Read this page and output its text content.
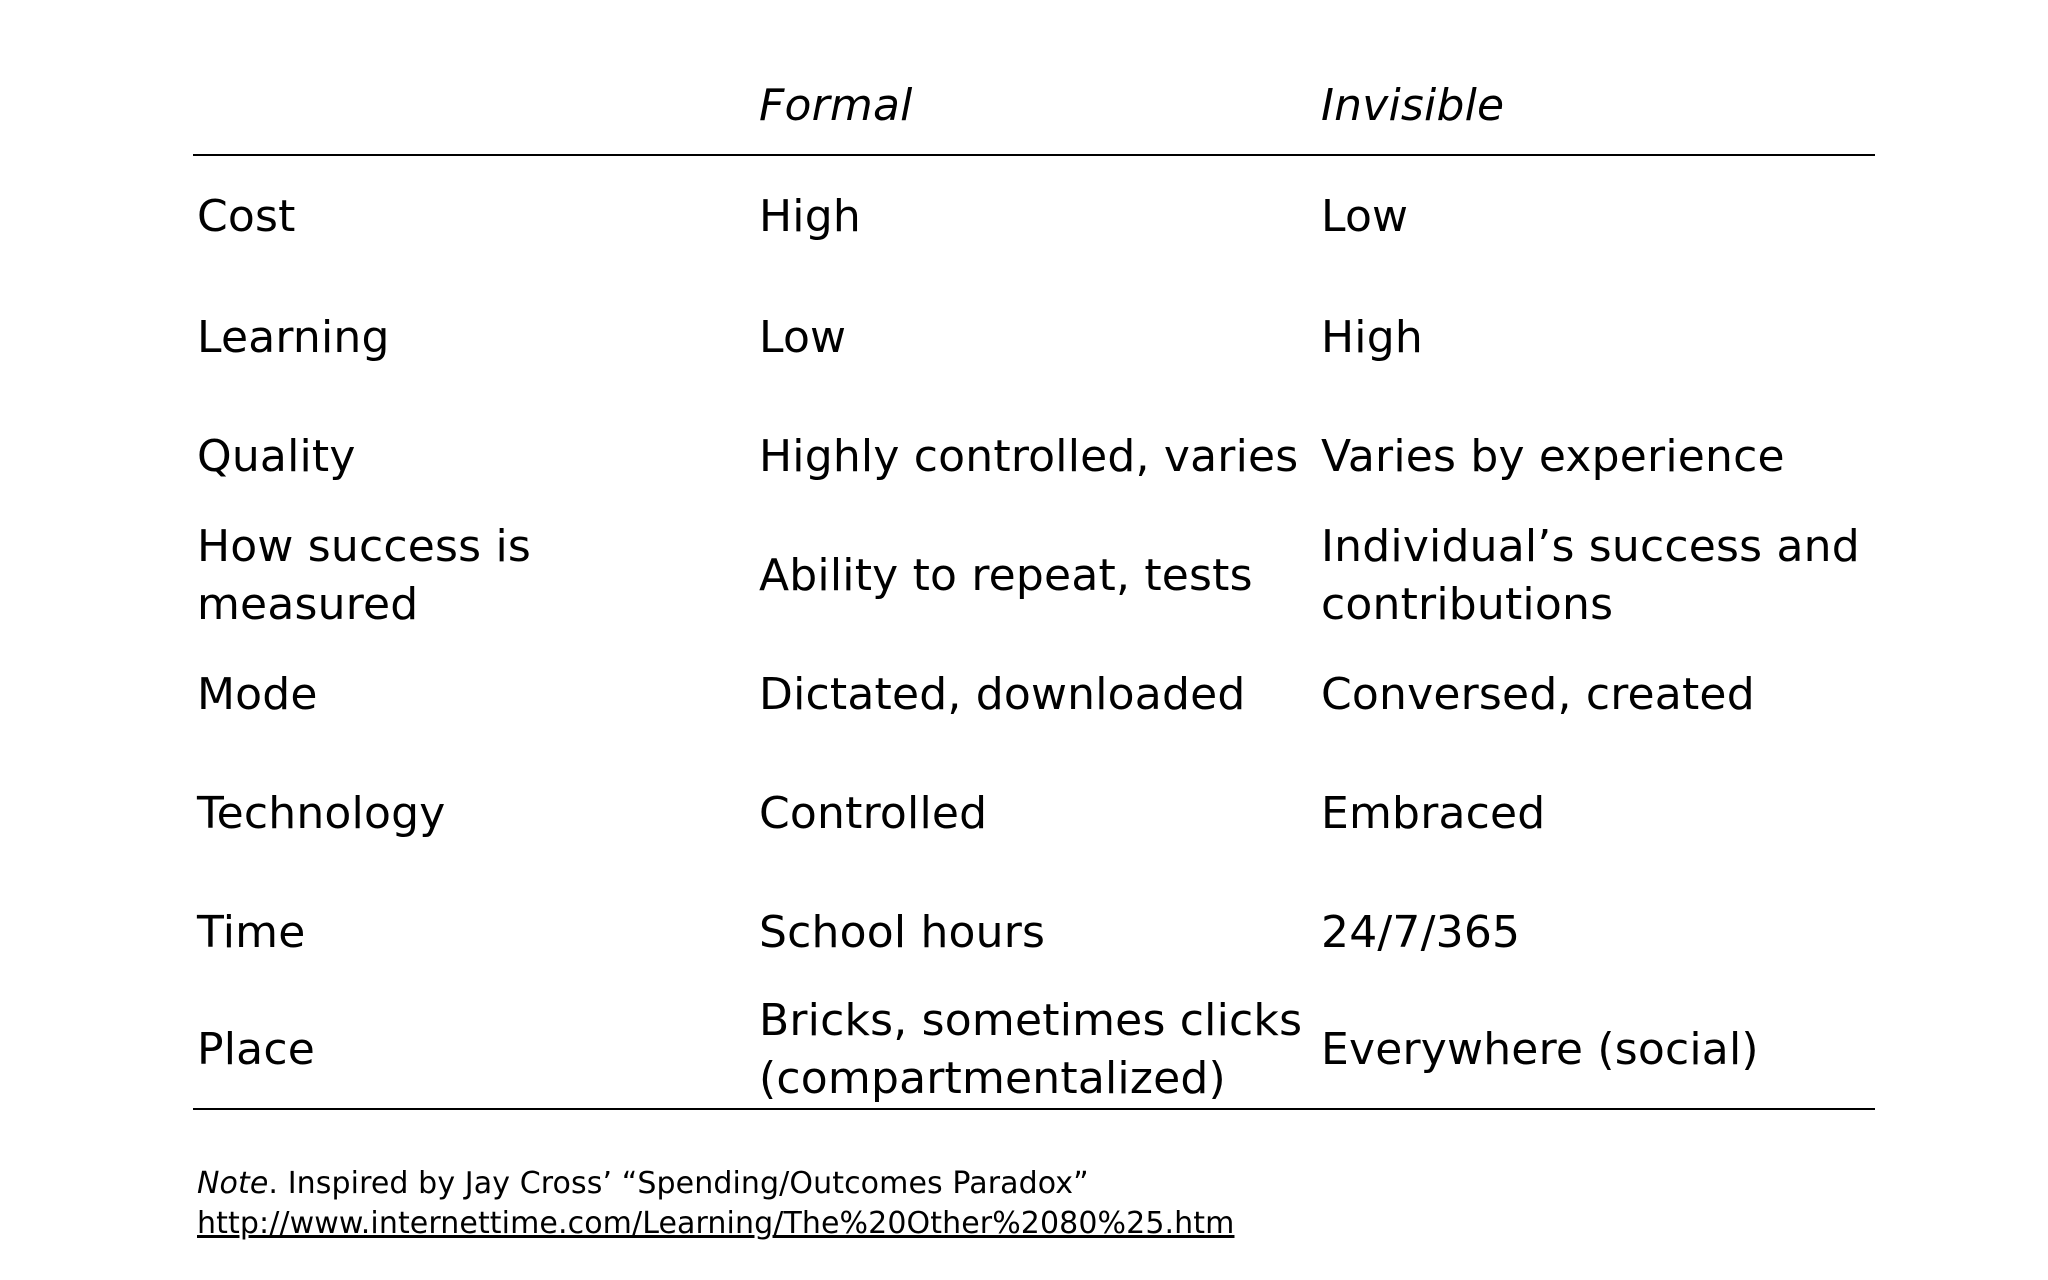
	Formal	Invisible
Cost	High	Low
Learning	Low	High
Quality	Highly controlled, varies	Varies by experience
How success is measured	Ability to repeat, tests	Individual’s success and contributions
Mode	Dictated, downloaded	Conversed, created
Technology	Controlled	Embraced
Time	School hours	24/7/365
Place	Bricks, sometimes clicks (compartmentalized)	Everywhere (social)
Note. Inspired by Jay Cross’ “Spending/Outcomes Paradox”
http://www.internettime.com/Learning/The%20Other%2080%25.htm
